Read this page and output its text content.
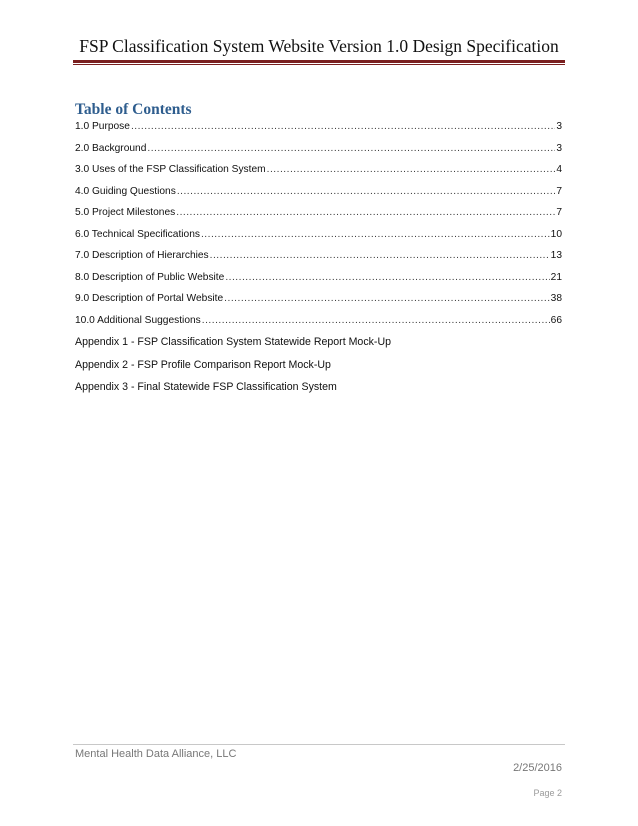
FSP Classification System Website Version 1.0 Design Specification
Table of Contents
1.0 Purpose .....	3
2.0 Background .....	3
3.0 Uses of the FSP Classification System .....	4
4.0 Guiding Questions .....	7
5.0 Project Milestones .....	7
6.0 Technical Specifications .....	10
7.0 Description of Hierarchies .....	13
8.0 Description of Public Website .....	21
9.0 Description of Portal Website .....	38
10.0 Additional Suggestions .....	66
Appendix 1 - FSP Classification System Statewide Report Mock-Up
Appendix 2 - FSP Profile Comparison Report Mock-Up
Appendix 3 - Final Statewide FSP Classification System
Mental Health Data Alliance, LLC
2/25/2016
Page 2
